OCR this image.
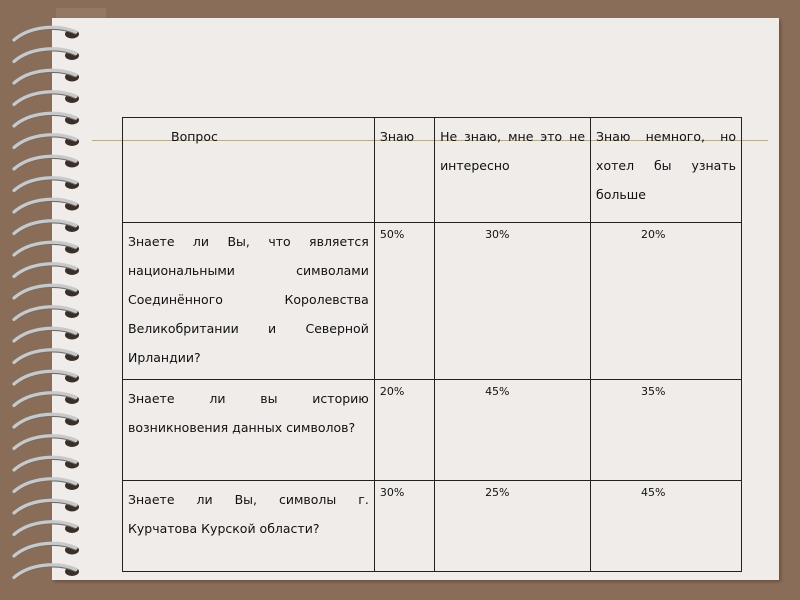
Вопрос	Знаю	Не знаю, мне это не интересно	Знаю немного, но хотел бы узнать больше
Знаете ли Вы, что является национальными символами Соединённого Королевства Великобритании и Северной Ирландии?	50%	30%	20%
Знаете ли вы историю возникновения данных символов?	20%	45%	35%
Знаете ли Вы, символы г. Курчатова Курской области?	30%	25%	45%
